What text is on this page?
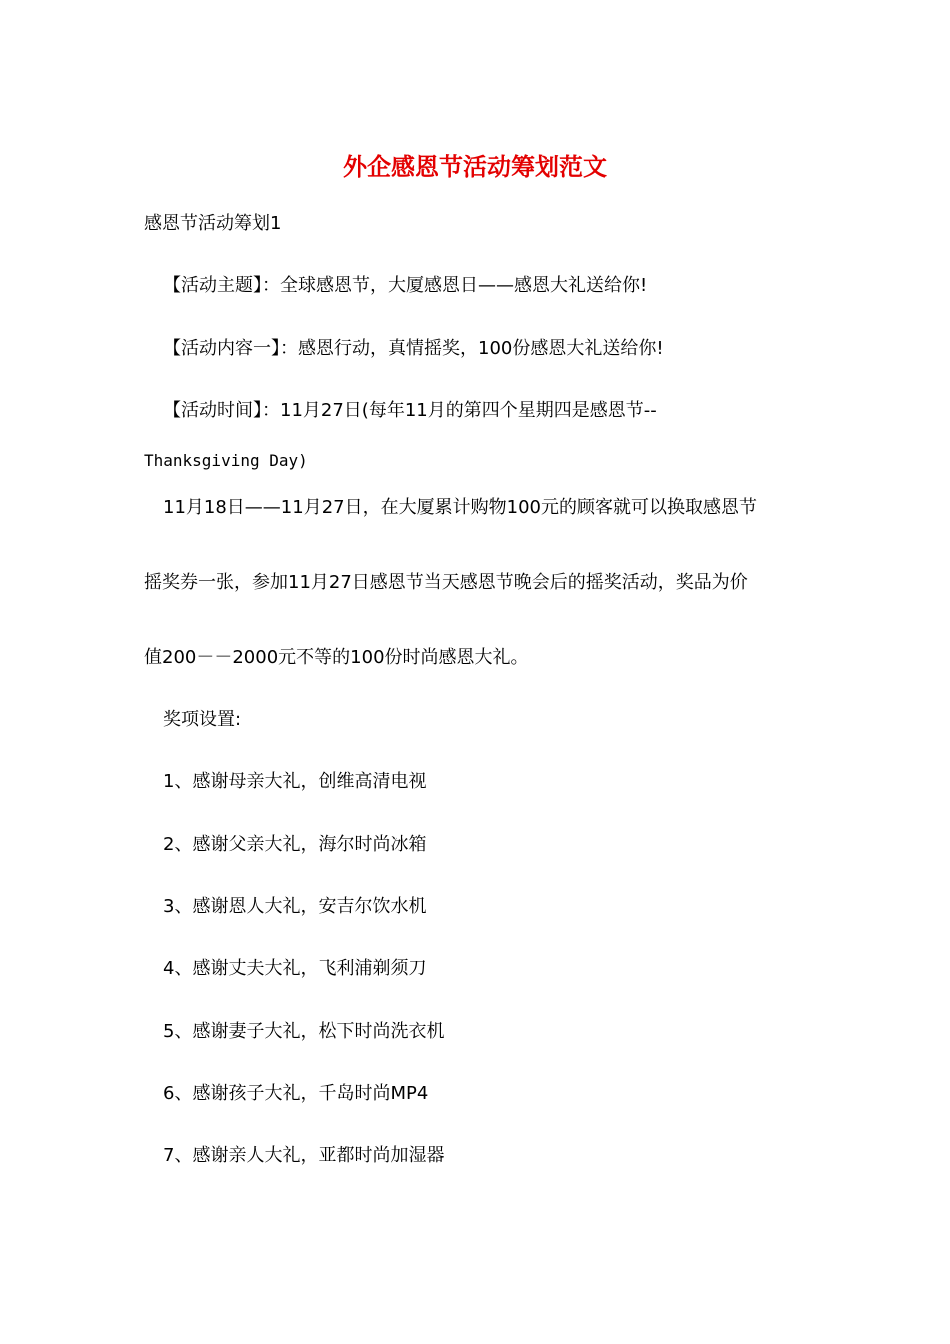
外企感恩节活动筹划范文
感恩节活动筹划1
【活动主题】：全球感恩节，大厦感恩日——感恩大礼送给你!
【活动内容一】：感恩行动，真情摇奖，100份感恩大礼送给你!
【活动时间】：11月27日(每年11月的第四个星期四是感恩节--
Thanksgiving Day)
11月18日——11月27日，在大厦累计购物100元的顾客就可以换取感恩节
摇奖券一张，参加11月27日感恩节当天感恩节晚会后的摇奖活动，奖品为价
值200－－2000元不等的100份时尚感恩大礼。
奖项设置:
1、感谢母亲大礼，创维高清电视
2、感谢父亲大礼，海尔时尚冰箱
3、感谢恩人大礼，安吉尔饮水机
4、感谢丈夫大礼，飞利浦剃须刀
5、感谢妻子大礼，松下时尚洗衣机
6、感谢孩子大礼，千岛时尚MP4
7、感谢亲人大礼，亚都时尚加湿器
